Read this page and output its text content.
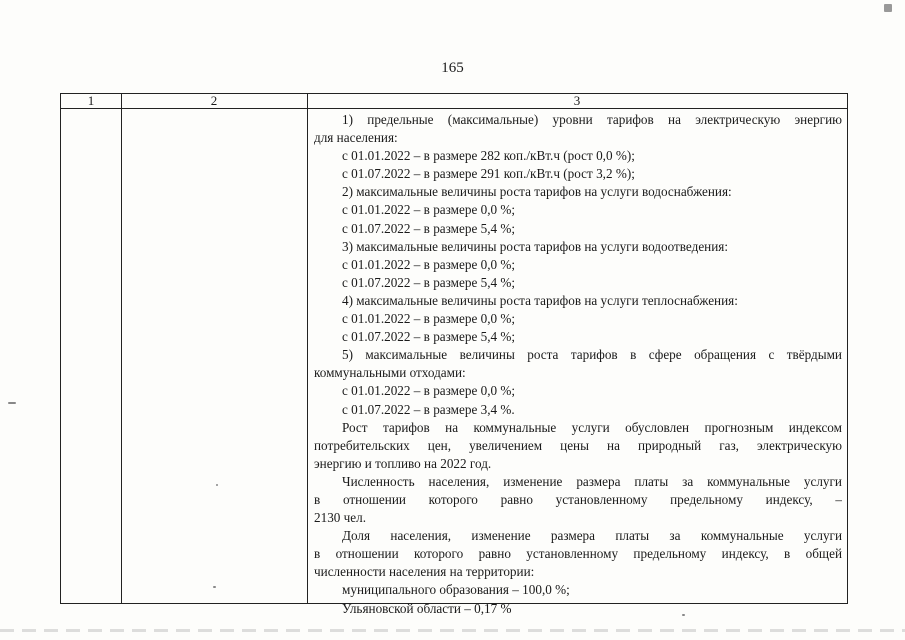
165
1	2	3
1) предельные (максимальные) уровни тарифов на электрическую энергию
для населения:
с 01.01.2022 – в размере 282 коп./кВт.ч (рост 0,0 %);
с 01.07.2022 – в размере 291 коп./кВт.ч (рост 3,2 %);
2) максимальные величины роста тарифов на услуги водоснабжения:
с 01.01.2022 – в размере 0,0 %;
с 01.07.2022 – в размере 5,4 %;
3) максимальные величины роста тарифов на услуги водоотведения:
с 01.01.2022 – в размере 0,0 %;
с 01.07.2022 – в размере 5,4 %;
4) максимальные величины роста тарифов на услуги теплоснабжения:
с 01.01.2022 – в размере 0,0 %;
с 01.07.2022 – в размере 5,4 %;
5) максимальные величины роста тарифов в сфере обращения с твёрдыми
коммунальными отходами:
с 01.01.2022 – в размере 0,0 %;
с 01.07.2022 – в размере 3,4 %.
Рост тарифов на коммунальные услуги обусловлен прогнозным индексом
потребительских цен, увеличением цены на природный газ, электрическую
энергию и топливо на 2022 год.
Численность населения, изменение размера платы за коммунальные услуги
в отношении которого равно установленному предельному индексу, –
2130 чел.
Доля населения, изменение размера платы за коммунальные услуги
в отношении которого равно установленному предельному индексу, в общей
численности населения на территории:
муниципального образования – 100,0 %;
Ульяновской области – 0,17 %
